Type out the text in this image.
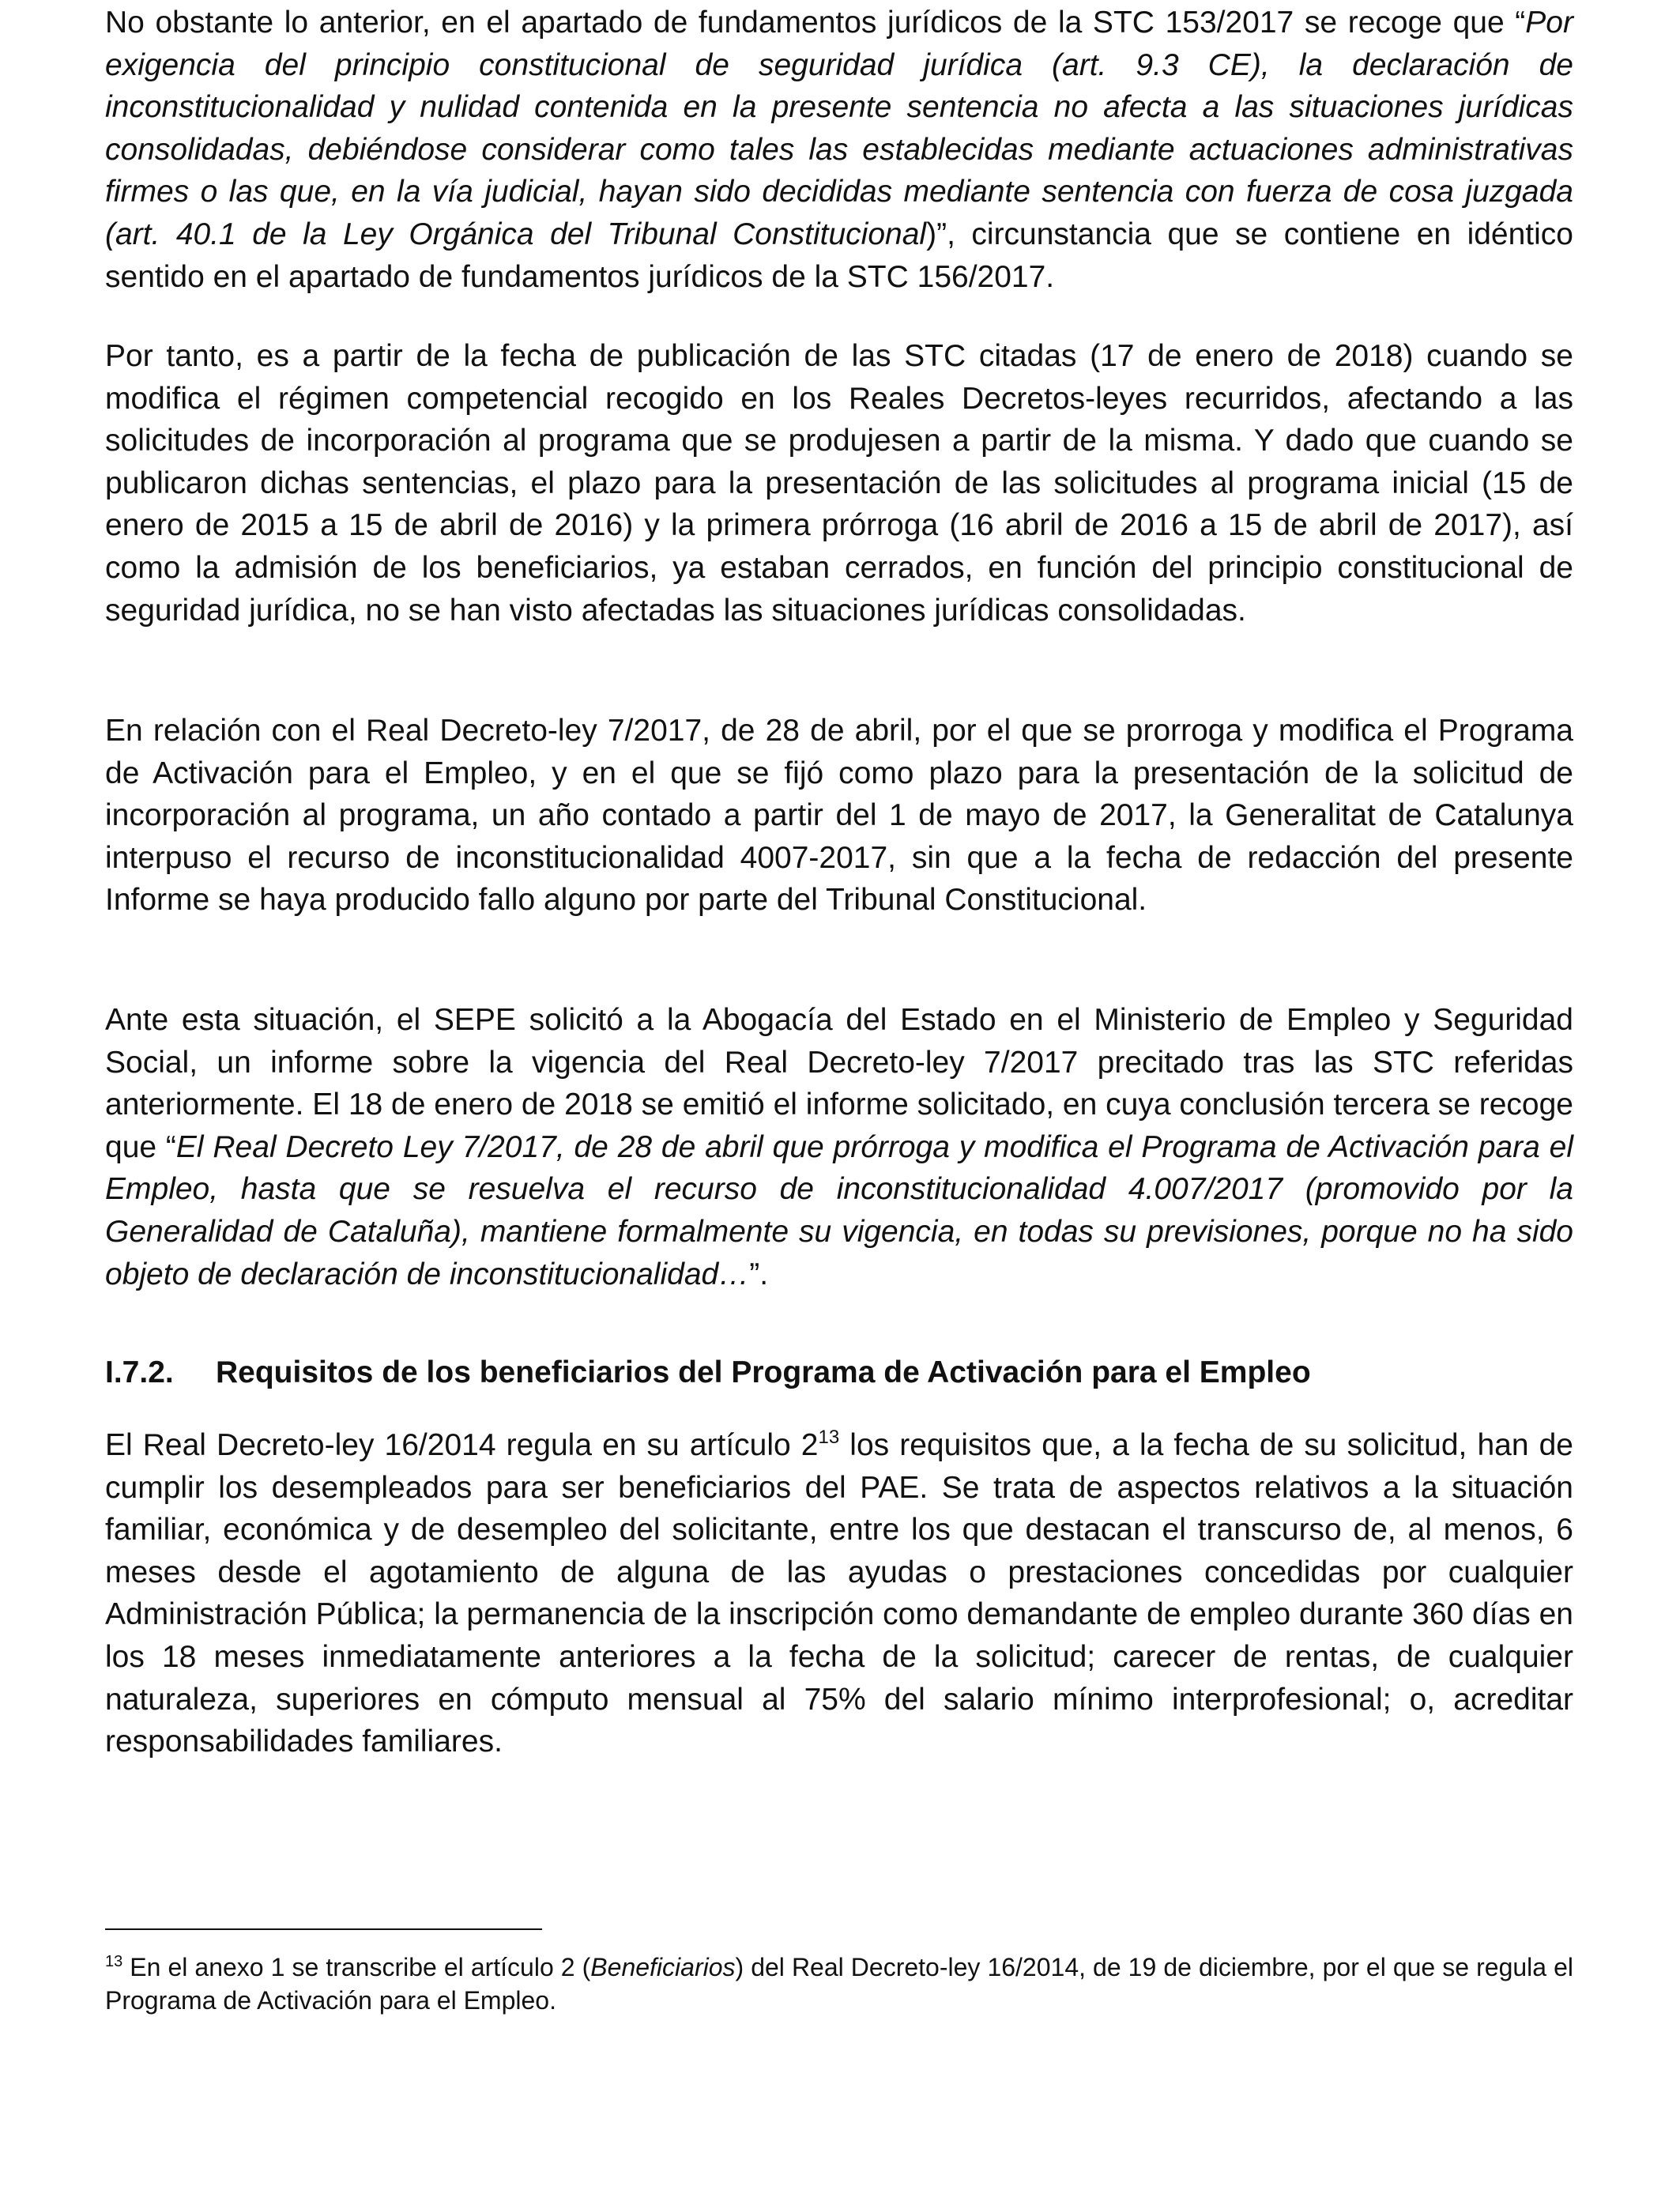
No obstante lo anterior, en el apartado de fundamentos jurídicos de la STC 153/2017 se recoge que “Por exigencia del principio constitucional de seguridad jurídica (art. 9.3 CE), la declaración de inconstitucionalidad y nulidad contenida en la presente sentencia no afecta a las situaciones jurídicas consolidadas, debiéndose considerar como tales las establecidas mediante actuaciones administrativas firmes o las que, en la vía judicial, hayan sido decididas mediante sentencia con fuerza de cosa juzgada (art. 40.1 de la Ley Orgánica del Tribunal Constitucional)”, circunstancia que se contiene en idéntico sentido en el apartado de fundamentos jurídicos de la STC 156/2017.

Por tanto, es a partir de la fecha de publicación de las STC citadas (17 de enero de 2018) cuando se modifica el régimen competencial recogido en los Reales Decretos-leyes recurridos, afectando a las solicitudes de incorporación al programa que se produjesen a partir de la misma. Y dado que cuando se publicaron dichas sentencias, el plazo para la presentación de las solicitudes al programa inicial (15 de enero de 2015 a 15 de abril de 2016) y la primera prórroga (16 abril de 2016 a 15 de abril de 2017), así como la admisión de los beneficiarios, ya estaban cerrados, en función del principio constitucional de seguridad jurídica, no se han visto afectadas las situaciones jurídicas consolidadas.

En relación con el Real Decreto-ley 7/2017, de 28 de abril, por el que se prorroga y modifica el Programa de Activación para el Empleo, y en el que se fijó como plazo para la presentación de la solicitud de incorporación al programa, un año contado a partir del 1 de mayo de 2017, la Generalitat de Catalunya interpuso el recurso de inconstitucionalidad 4007-2017, sin que a la fecha de redacción del presente Informe se haya producido fallo alguno por parte del Tribunal Constitucional.

Ante esta situación, el SEPE solicitó a la Abogacía del Estado en el Ministerio de Empleo y Seguridad Social, un informe sobre la vigencia del Real Decreto-ley 7/2017 precitado tras las STC referidas anteriormente. El 18 de enero de 2018 se emitió el informe solicitado, en cuya conclusión tercera se recoge que “El Real Decreto Ley 7/2017, de 28 de abril que prórroga y modifica el Programa de Activación para el Empleo, hasta que se resuelva el recurso de inconstitucionalidad 4.007/2017 (promovido por la Generalidad de Cataluña), mantiene formalmente su vigencia, en todas su previsiones, porque no ha sido objeto de declaración de inconstitucionalidad…”.

I.7.2. Requisitos de los beneficiarios del Programa de Activación para el Empleo

El Real Decreto-ley 16/2014 regula en su artículo $2^{13}$ los requisitos que, a la fecha de su solicitud, han de cumplir los desempleados para ser beneficiarios del PAE. Se trata de aspectos relativos a la situación familiar, económica y de desempleo del solicitante, entre los que destacan el transcurso de, al menos, 6 meses desde el agotamiento de alguna de las ayudas o prestaciones concedidas por cualquier Administración Pública; la permanencia de la inscripción como demandante de empleo durante 360 días en los 18 meses inmediatamente anteriores a la fecha de la solicitud; carecer de rentas, de cualquier naturaleza, superiores en cómputo mensual al 75% del salario mínimo interprofesional; o, acreditar responsabilidades familiares.

$^{13}$ En el anexo 1 se transcribe el artículo 2 (Beneficiarios) del Real Decreto-ley 16/2014, de 19 de diciembre, por el que se regula el Programa de Activación para el Empleo.
